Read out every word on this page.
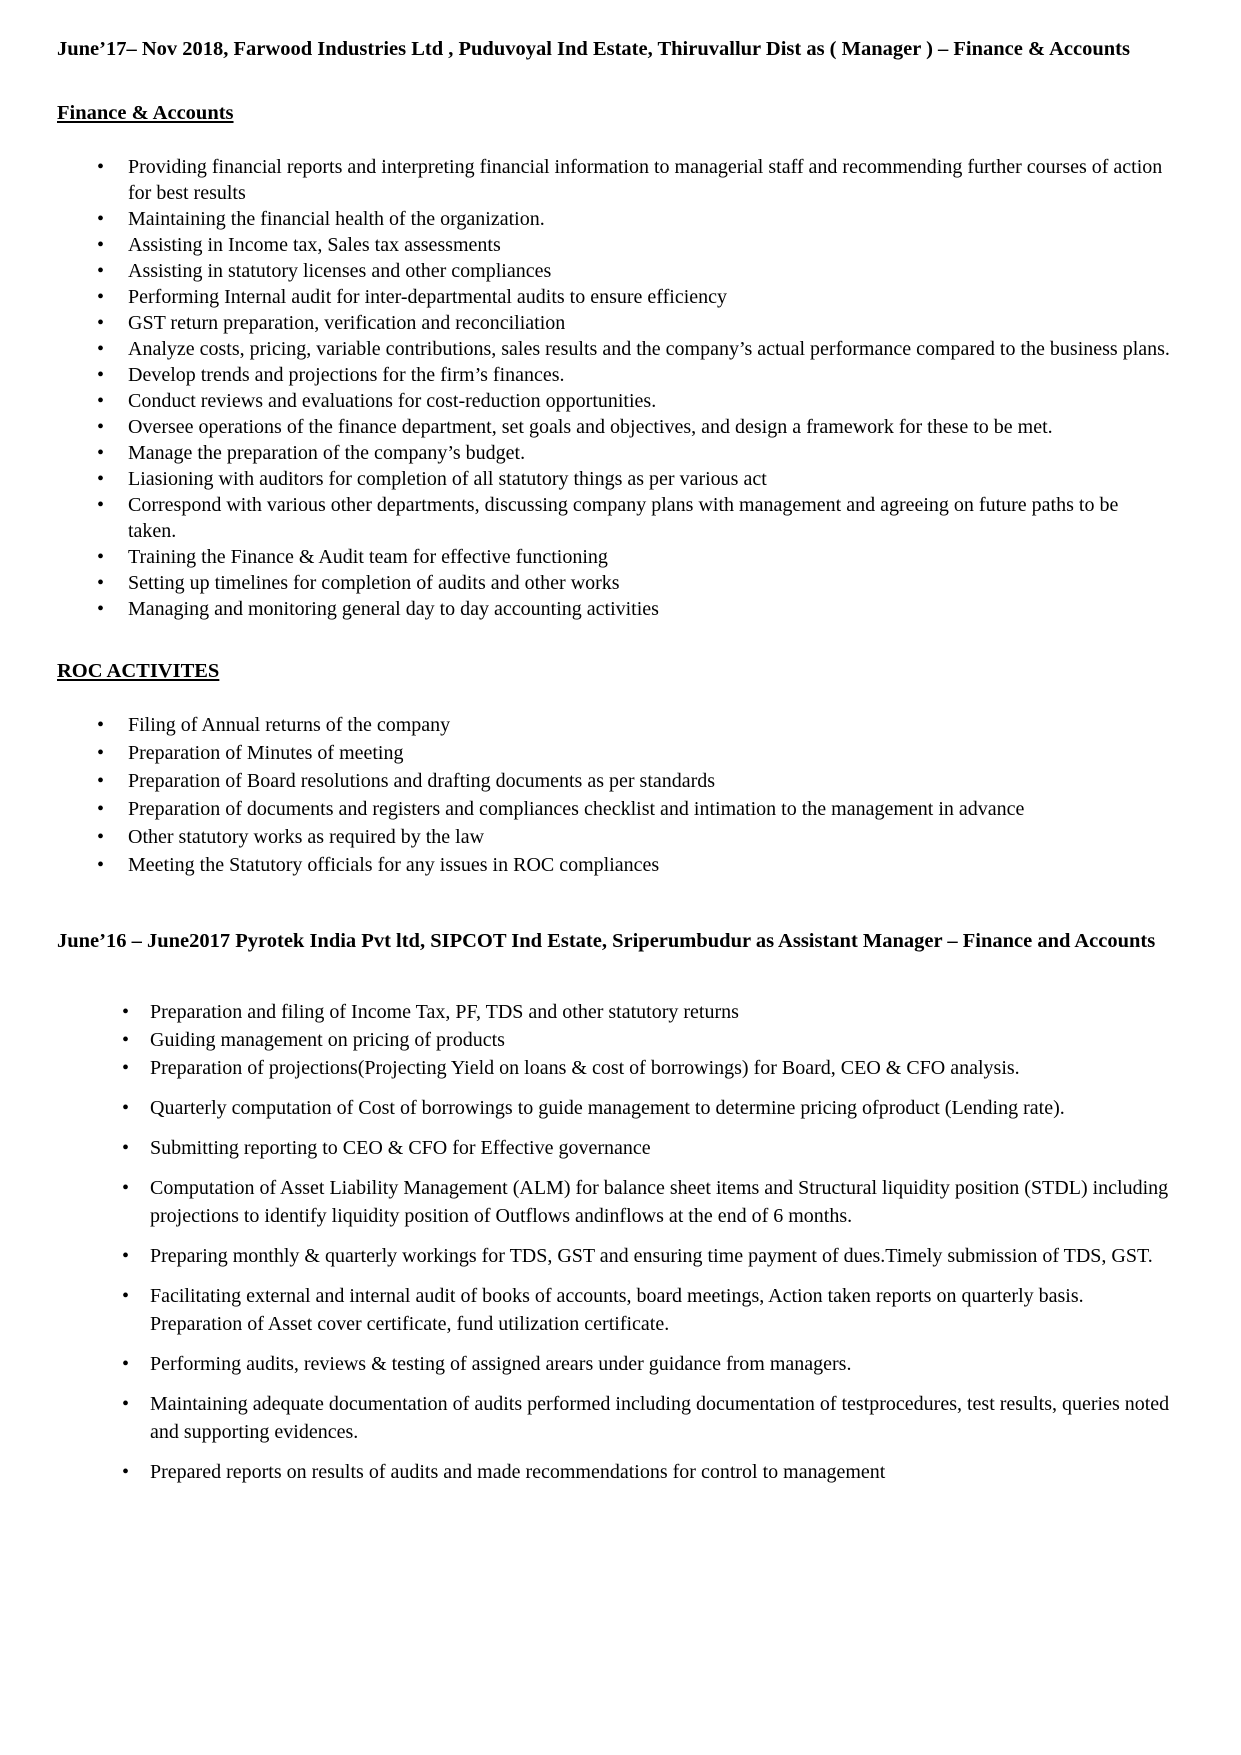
June’17– Nov 2018, Farwood Industries Ltd , Puduvoyal Ind Estate, Thiruvallur Dist as ( Manager ) – Finance & Accounts

Finance & Accounts
• Providing financial reports and interpreting financial information to managerial staff and recommending further courses of action for best results
• Maintaining the financial health of the organization.
• Assisting in Income tax, Sales tax assessments
• Assisting in statutory licenses and other compliances
• Performing Internal audit for inter-departmental audits to ensure efficiency
• GST return preparation, verification and reconciliation
• Analyze costs, pricing, variable contributions, sales results and the company’s actual performance compared to the business plans.
• Develop trends and projections for the firm’s finances.
• Conduct reviews and evaluations for cost-reduction opportunities.
• Oversee operations of the finance department, set goals and objectives, and design a framework for these to be met.
• Manage the preparation of the company’s budget.
• Liasioning with auditors for completion of all statutory things as per various act
• Correspond with various other departments, discussing company plans with management and agreeing on future paths to be taken.
• Training the Finance & Audit team for effective functioning
• Setting up timelines for completion of audits and other works
• Managing and monitoring general day to day accounting activities
ROC ACTIVITES
• Filing of Annual returns of the company
• Preparation of Minutes of meeting
• Preparation of Board resolutions and drafting documents as per standards
• Preparation of documents and registers and compliances checklist and intimation to the management in advance
• Other statutory works as required by the law
• Meeting the Statutory officials for any issues in ROC compliances

June’16 – June2017 Pyrotek India Pvt ltd, SIPCOT Ind Estate, Sriperumbudur as Assistant Manager – Finance and Accounts

• Preparation and filing of Income Tax, PF, TDS and other statutory returns
• Guiding management on pricing of products
• Preparation of projections(Projecting Yield on loans & cost of borrowings) for Board, CEO & CFO analysis.
• Quarterly computation of Cost of borrowings to guide management to determine pricing ofproduct (Lending rate).
• Submitting reporting to CEO & CFO for Effective governance
• Computation of Asset Liability Management (ALM) for balance sheet items and Structural liquidity position (STDL) including projections to identify liquidity position of Outflows andinflows at the end of 6 months.
• Preparing monthly & quarterly workings for TDS, GST and ensuring time payment of dues.Timely submission of TDS, GST.
• Facilitating external and internal audit of books of accounts, board meetings, Action taken reports on quarterly basis. Preparation of Asset cover certificate, fund utilization certificate.
• Performing audits, reviews & testing of assigned arears under guidance from managers.
• Maintaining adequate documentation of audits performed including documentation of testprocedures, test results, queries noted and supporting evidences.
• Prepared reports on results of audits and made recommendations for control to management
